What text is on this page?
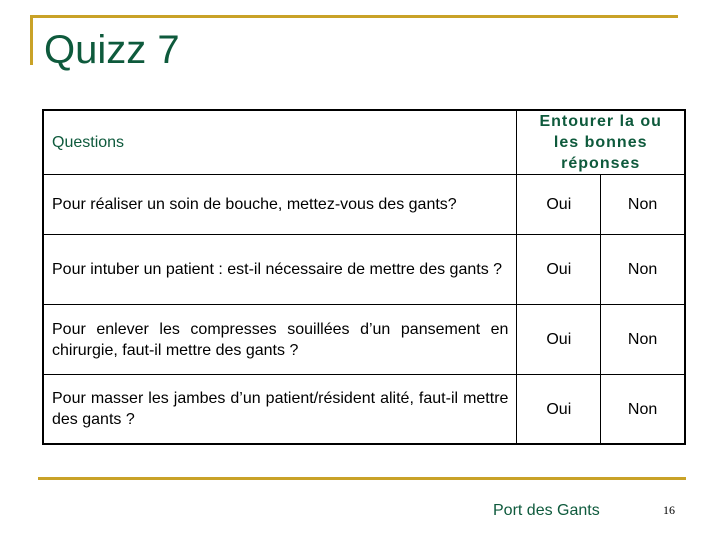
Quizz 7
Questions	Entourer la ou les bonnes réponses	
Pour réaliser un soin de bouche, mettez-vous des gants?	Oui	Non
Pour intuber un patient : est-il nécessaire de mettre des gants ?	Oui	Non
Pour enlever les compresses souillées d’un pansement en chirurgie, faut-il mettre des gants ?	Oui	Non
Pour masser les jambes d’un patient/résident alité, faut-il mettre des gants ?	Oui	Non
Port des Gants	16
